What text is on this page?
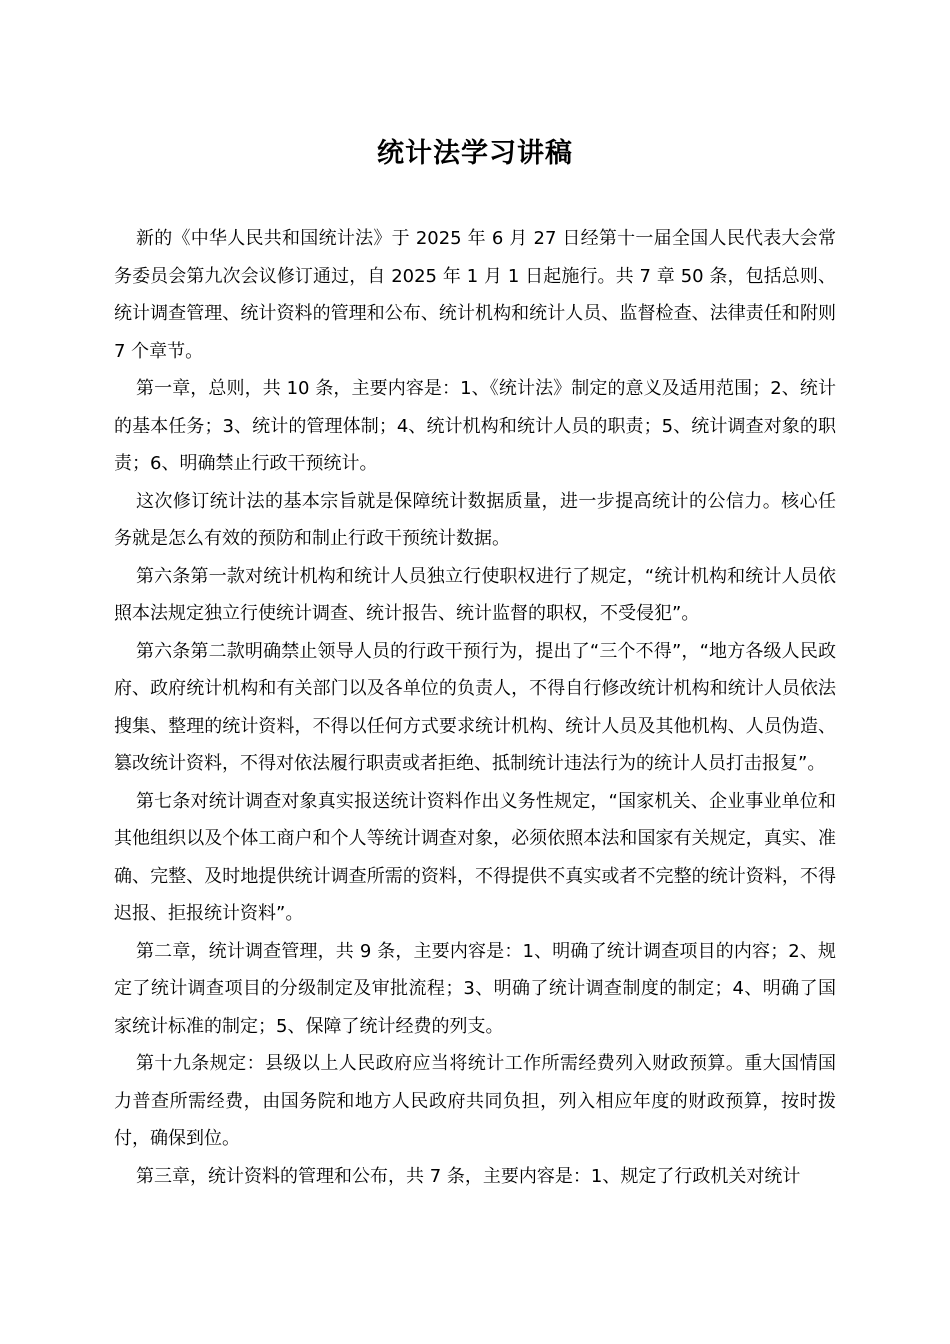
统计法学习讲稿

新的《中华人民共和国统计法》于 2025 年 6 月 27 日经第十一届全国人民代表大会常务委员会第九次会议修订通过，自 2025 年 1 月 1 日起施行。共 7 章 50 条，包括总则、统计调查管理、统计资料的管理和公布、统计机构和统计人员、监督检查、法律责任和附则 7 个章节。

第一章，总则，共 10 条，主要内容是：1、《统计法》制定的意义及适用范围；2、统计的基本任务；3、统计的管理体制；4、统计机构和统计人员的职责；5、统计调查对象的职责；6、明确禁止行政干预统计。

这次修订统计法的基本宗旨就是保障统计数据质量，进一步提高统计的公信力。核心任务就是怎么有效的预防和制止行政干预统计数据。

第六条第一款对统计机构和统计人员独立行使职权进行了规定，“统计机构和统计人员依照本法规定独立行使统计调查、统计报告、统计监督的职权，不受侵犯”。

第六条第二款明确禁止领导人员的行政干预行为，提出了“三个不得”，“地方各级人民政府、政府统计机构和有关部门以及各单位的负责人，不得自行修改统计机构和统计人员依法搜集、整理的统计资料，不得以任何方式要求统计机构、统计人员及其他机构、人员伪造、篡改统计资料，不得对依法履行职责或者拒绝、抵制统计违法行为的统计人员打击报复”。

第七条对统计调查对象真实报送统计资料作出义务性规定，“国家机关、企业事业单位和其他组织以及个体工商户和个人等统计调查对象，必须依照本法和国家有关规定，真实、准确、完整、及时地提供统计调查所需的资料，不得提供不真实或者不完整的统计资料，不得迟报、拒报统计资料”。

第二章，统计调查管理，共 9 条，主要内容是：1、明确了统计调查项目的内容；2、规定了统计调查项目的分级制定及审批流程；3、明确了统计调查制度的制定；4、明确了国家统计标准的制定；5、保障了统计经费的列支。

第十九条规定：县级以上人民政府应当将统计工作所需经费列入财政预算。重大国情国力普查所需经费，由国务院和地方人民政府共同负担，列入相应年度的财政预算，按时拨付，确保到位。

第三章，统计资料的管理和公布，共 7 条，主要内容是：1、规定了行政机关对统计
